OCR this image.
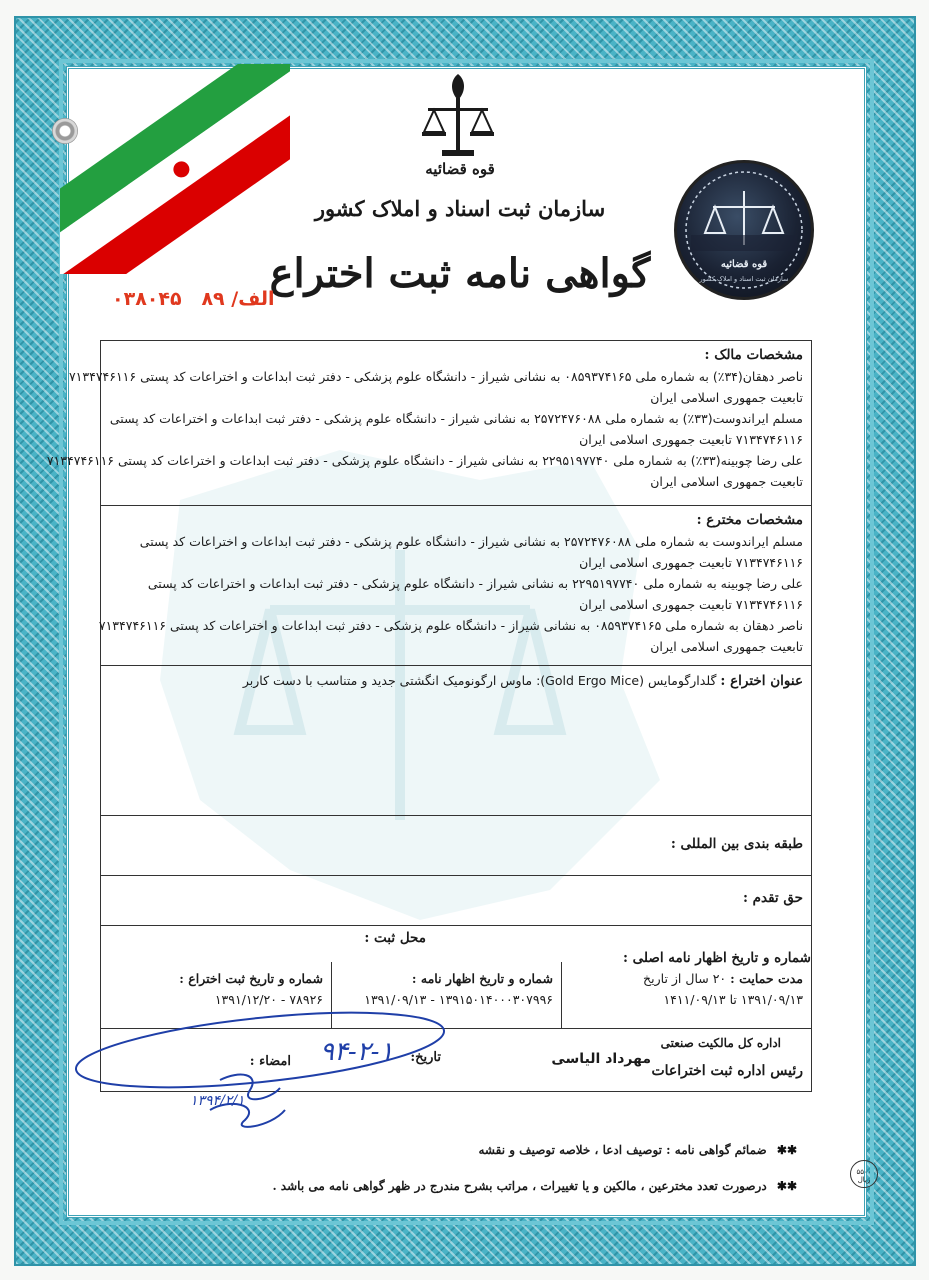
قوه قضائیه
سازمان ثبت اسناد و املاک کشور
گواهی نامه ثبت اختراع
الف/ ۸۹   ۰۳۸۰۴۵
قوه قضائیه
سازمان ثبت اسناد و املاک کشور
مشخصات مالک :
ناصر دهقان(۳۴٪) به شماره ملی ۰۸۵۹۳۷۴۱۶۵ به نشانی شیراز - دانشگاه علوم پزشکی - دفتر ثبت ابداعات و اختراعات کد پستی ۷۱۳۴۷۴۶۱۱۶
تابعیت جمهوری اسلامی ایران
مسلم ایراندوست(۳۳٪) به شماره ملی ۲۵۷۲۴۷۶۰۸۸ به نشانی شیراز - دانشگاه علوم پزشکی - دفتر ثبت ابداعات و اختراعات کد پستی
۷۱۳۴۷۴۶۱۱۶ تابعیت جمهوری اسلامی ایران
علی رضا چوبینه(۳۳٪) به شماره ملی ۲۲۹۵۱۹۷۷۴۰ به نشانی شیراز - دانشگاه علوم پزشکی - دفتر ثبت ابداعات و اختراعات کد پستی ۷۱۳۴۷۴۶۱۱۶
تابعیت جمهوری اسلامی ایران
مشخصات مخترع :
مسلم ایراندوست به شماره ملی ۲۵۷۲۴۷۶۰۸۸ به نشانی شیراز - دانشگاه علوم پزشکی - دفتر ثبت ابداعات و اختراعات کد پستی
۷۱۳۴۷۴۶۱۱۶ تابعیت جمهوری اسلامی ایران
علی رضا چوبینه به شماره ملی ۲۲۹۵۱۹۷۷۴۰ به نشانی شیراز - دانشگاه علوم پزشکی - دفتر ثبت ابداعات و اختراعات کد پستی
۷۱۳۴۷۴۶۱۱۶ تابعیت جمهوری اسلامی ایران
ناصر دهقان به شماره ملی ۰۸۵۹۳۷۴۱۶۵ به نشانی شیراز - دانشگاه علوم پزشکی - دفتر ثبت ابداعات و اختراعات کد پستی ۷۱۳۴۷۴۶۱۱۶
تابعیت جمهوری اسلامی ایران
عنوان اختراع : گلدارگومایس (Gold Ergo Mice): ماوس ارگونومیک انگشتی جدید و متناسب با دست کاربر
طبقه بندی بین المللی :
حق تقدم :
محل ثبت :
شماره و تاریخ اظهار نامه اصلی :
مدت حمایت : ۲۰ سال از تاریخ
۱۳۹۱/۰۹/۱۳ تا ۱۴۱۱/۰۹/۱۳
شماره و تاریخ اظهار نامه :
۱۳۹۱۵۰۱۴۰۰۰۳۰۷۹۹۶ - ۱۳۹۱/۰۹/۱۳
شماره و تاریخ ثبت اختراع :
۷۸۹۲۶ - ۱۳۹۱/۱۲/۲۰
اداره کل مالکیت صنعتی
رئیس اداره ثبت اختراعات
مهرداد الیاسی
تاریخ:
امضاء : ۹۴-۲-۱
۱۳۹۴/۲/۱
✱✱ ضمائم گواهی نامه : توصیف ادعا ، خلاصه توصیف و نقشه
✱✱ درصورت تعدد مخترعین ، مالکین و یا تغییرات ، مراتب بشرح مندرج در ظهر گواهی نامه می باشد .
۵۵۰۰ ریال
